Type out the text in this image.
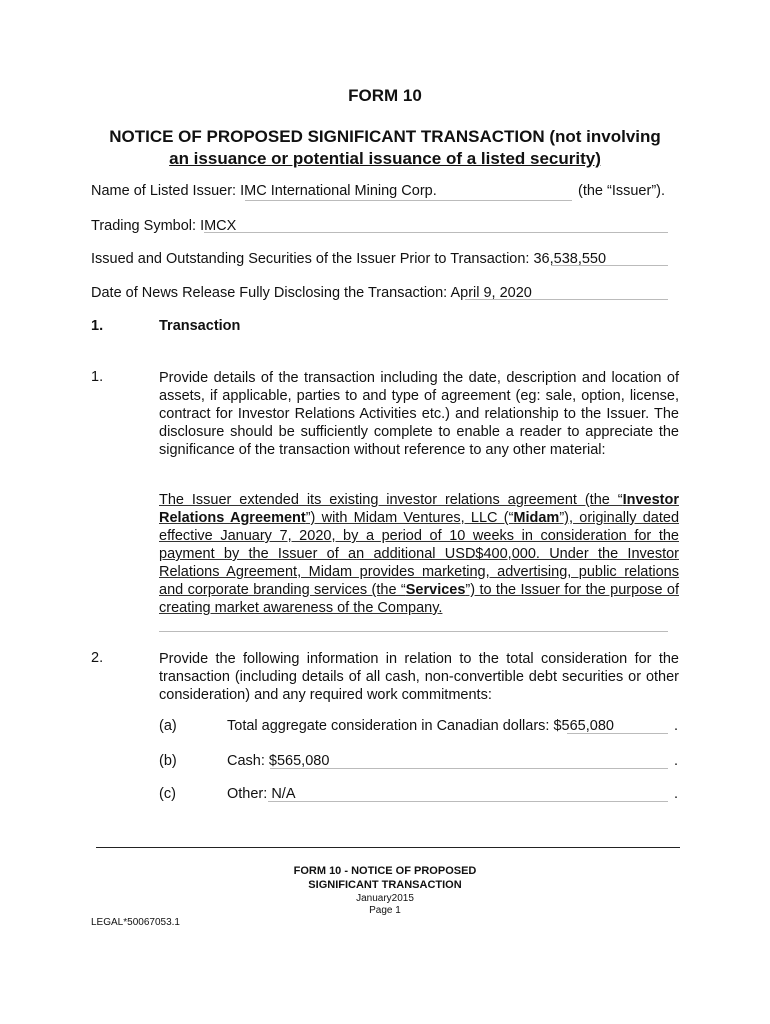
FORM 10
NOTICE OF PROPOSED SIGNIFICANT TRANSACTION (not involving
an issuance or potential issuance of a listed security)
Name of Listed Issuer: IMC International Mining Corp.	(the “Issuer”).
Trading Symbol: IMCX
Issued and Outstanding Securities of the Issuer Prior to Transaction: 36,538,550
Date of News Release Fully Disclosing the Transaction: April 9, 2020
1.	Transaction
1.	Provide details of the transaction including the date, description and location of assets, if applicable, parties to and type of agreement (eg: sale, option, license, contract for Investor Relations Activities etc.) and relationship to the Issuer. The disclosure should be sufficiently complete to enable a reader to appreciate the significance of the transaction without reference to any other material:
The Issuer extended its existing investor relations agreement (the “Investor Relations Agreement”) with Midam Ventures, LLC (“Midam”), originally dated effective January 7, 2020, by a period of 10 weeks in consideration for the payment by the Issuer of an additional USD$400,000. Under the Investor Relations Agreement, Midam provides marketing, advertising, public relations and corporate branding services (the “Services”) to the Issuer for the purpose of creating market awareness of the Company.
2.	Provide the following information in relation to the total consideration for the transaction (including details of all cash, non-convertible debt securities or other consideration) and any required work commitments:
(a)	Total aggregate consideration in Canadian dollars: $565,080	.
(b)	Cash: $565,080	.
(c)	Other: N/A	.
FORM 10 - NOTICE OF PROPOSED
SIGNIFICANT TRANSACTION
January2015
Page 1
LEGAL*50067053.1
